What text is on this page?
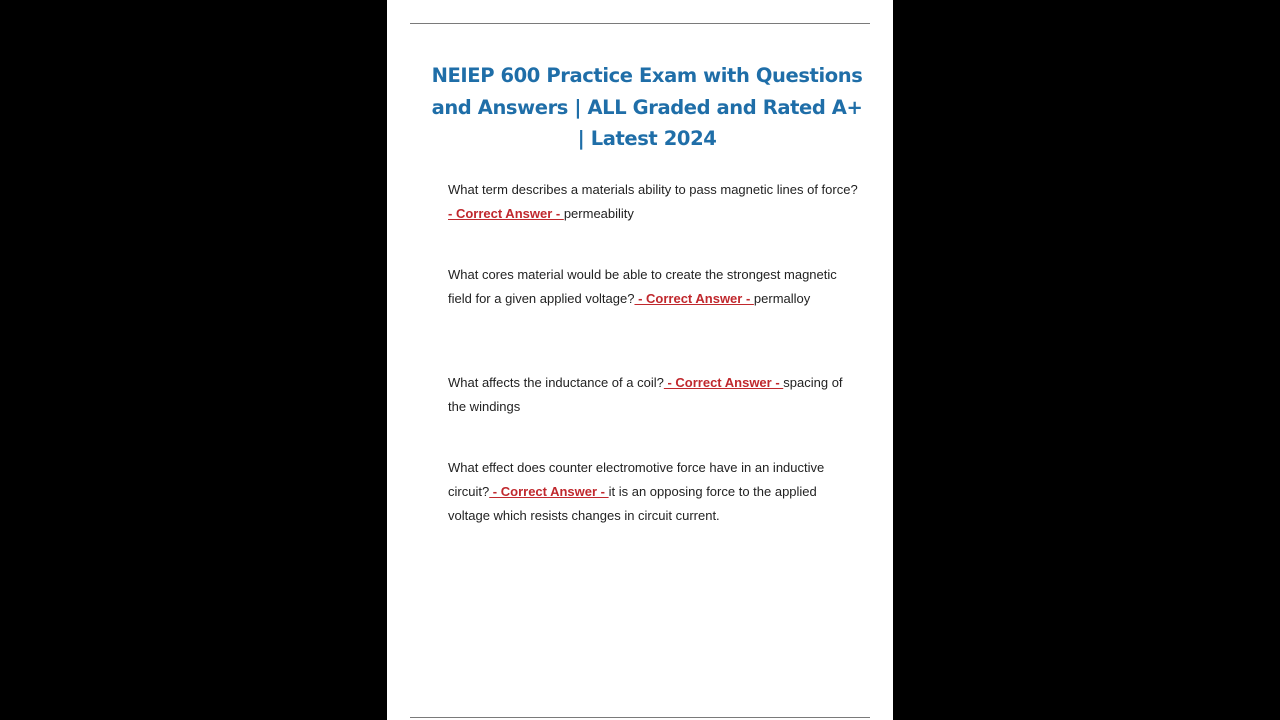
NEIEP 600 Practice Exam with Questions and Answers | ALL Graded and Rated A+ | Latest 2024

What term describes a materials ability to pass magnetic lines of force? - Correct Answer - permeability

What cores material would be able to create the strongest magnetic field for a given applied voltage? - Correct Answer - permalloy

What affects the inductance of a coil? - Correct Answer - spacing of the windings

What effect does counter electromotive force have in an inductive circuit? - Correct Answer - it is an opposing force to the applied voltage which resists changes in circuit current.
